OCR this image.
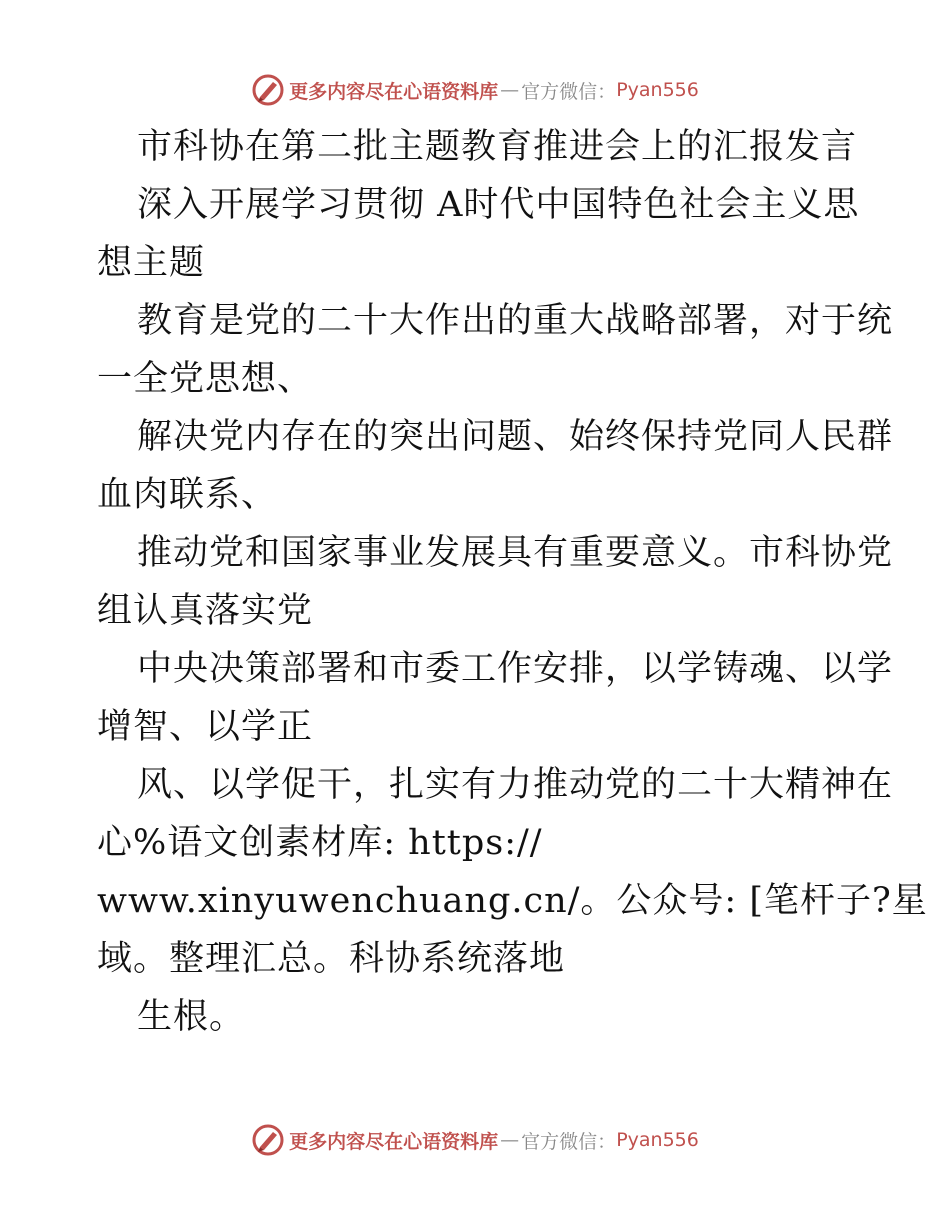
更多内容尽在心语资料库 — 官方微信： Pyan556
市科协在第二批主题教育推进会上的汇报发言
深入开展学习贯彻 A时代中国特色社会主义思
想主题
教育是党的二十大作出的重大战略部署，对于统
一全党思想、
解决党内存在的突出问题、始终保持党同人民群
血肉联系、
推动党和国家事业发展具有重要意义。市科协党
组认真落实党
中央决策部署和市委工作安排，以学铸魂、以学
增智、以学正
风、以学促干，扎实有力推动党的二十大精神在
心%语文创素材库: https://
www.xinyuwenchuang.cn/。公众号: [笔杆子?星
域。整理汇总。科协系统落地
生根。
更多内容尽在心语资料库 — 官方微信： Pyan556
